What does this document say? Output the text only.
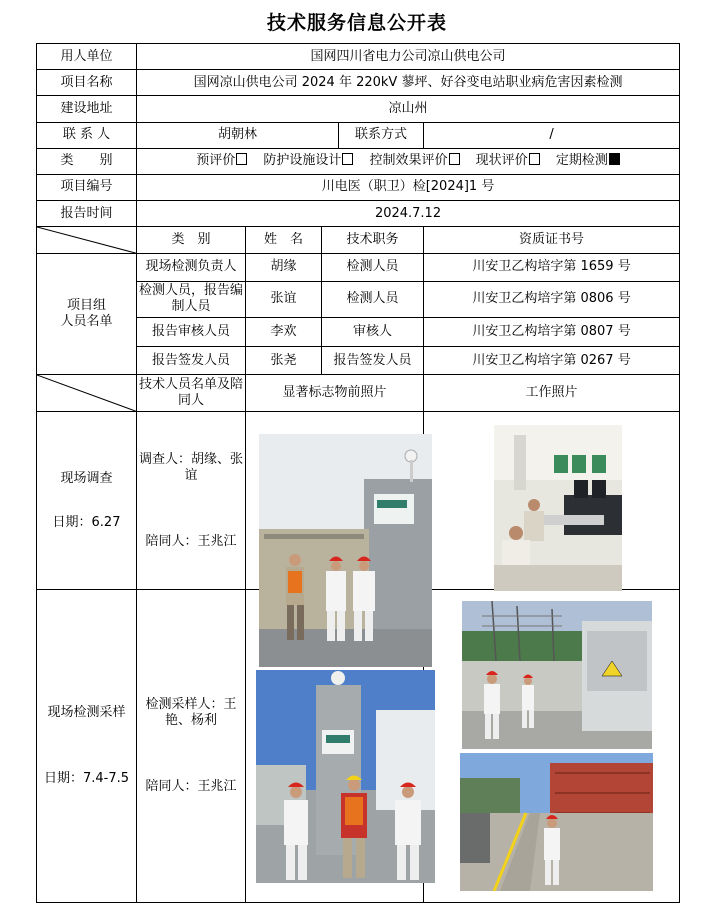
技术服务信息公开表
用人单位	国网四川省电力公司凉山供电公司				
项目名称	国网凉山供电公司 2024 年 220kV 蓼坪、好谷变电站职业病危害因素检测				
建设地址	凉山州				
联 系 人	胡朝林			联系方式	/
类　　别	预评价 防护设施设计 控制效果评价 现状评价 定期检测				
项目编号	川电医（职卫）检[2024]1 号				
报告时间	2024.7.12				

	类　别	姓　名	技术职务		资质证书号
项目组
人员名单	现场检测负责人	胡缘	检测人员		川安卫乙构培字第 1659 号
	检测人员，报告编制人员	张谊	检测人员		川安卫乙构培字第 0806 号
	报告审核人员	李欢	审核人		川安卫乙构培字第 0807 号
	报告签发人员	张尧	报告签发人员		川安卫乙构培字第 0267 号

	技术人员名单及陪同人	显著标志物前照片			工作照片

现场调查
日期：6.27	调查人：胡缘、张谊
陪同人：王兆江				

现场检测采样
日期：7.4-7.5	检测采样人：王艳、杨利
陪同人：王兆江				
